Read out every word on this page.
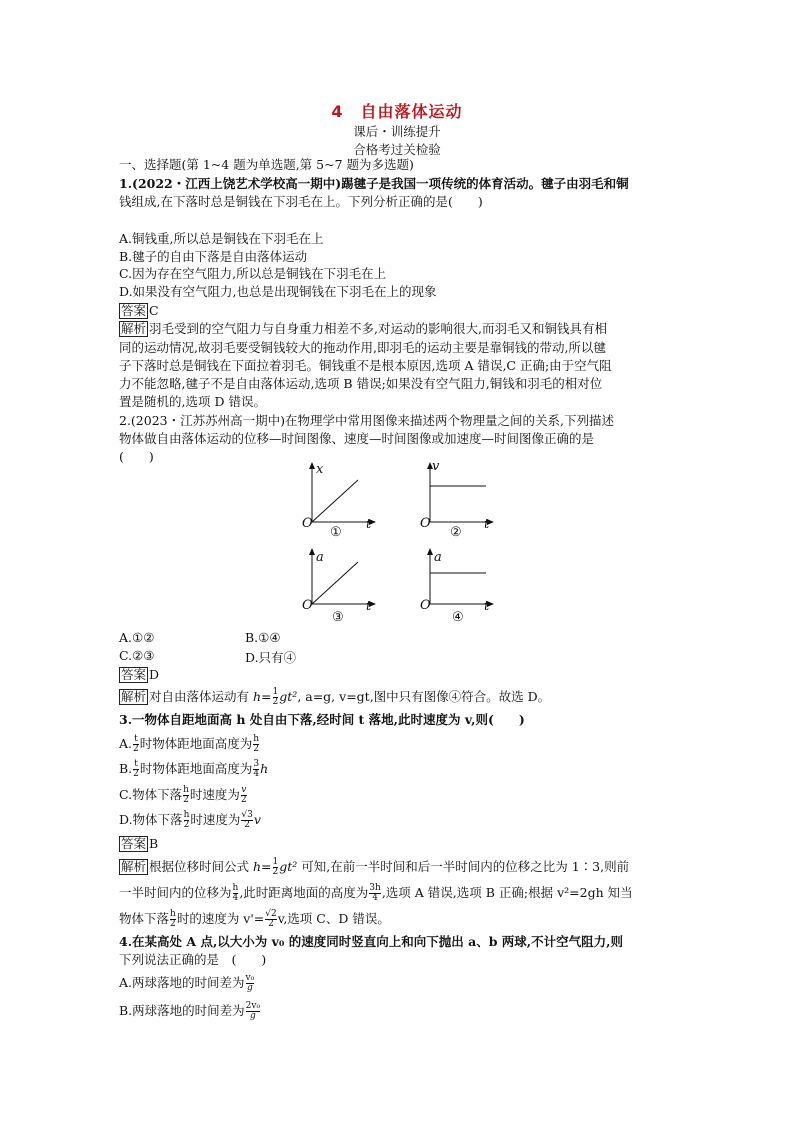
4　自由落体运动
课后・训练提升
合格考过关检验
一、选择题(第 1~4 题为单选题,第 5~7 题为多选题)
1.(2022・江西上饶艺术学校高一期中)踢毽子是我国一项传统的体育活动。毽子由羽毛和铜
钱组成,在下落时总是铜钱在下羽毛在上。下列分析正确的是(　　)
A.铜钱重,所以总是铜钱在下羽毛在上
B.毽子的自由下落是自由落体运动
C.因为存在空气阻力,所以总是铜钱在下羽毛在上
D.如果没有空气阻力,也总是出现铜钱在下羽毛在上的现象
答案 C
解析 羽毛受到的空气阻力与自身重力相差不多,对运动的影响很大,而羽毛又和铜钱具有相
同的运动情况,故羽毛要受铜钱较大的拖动作用,即羽毛的运动主要是靠铜钱的带动,所以毽
子下落时总是铜钱在下面拉着羽毛。铜钱重不是根本原因,选项 A 错误,C 正确;由于空气阻
力不能忽略,毽子不是自由落体运动,选项 B 错误;如果没有空气阻力,铜钱和羽毛的相对位
置是随机的,选项 D 错误。
2.(2023・江苏苏州高一期中)在物理学中常用图像来描述两个物理量之间的关系,下列描述
物体做自由落体运动的位移—时间图像、速度—时间图像或加速度—时间图像正确的是
(　　)
x
t
O
①
v
t
O
②
a
t
O
③
a
t
O
④
A.①②	B.①④
C.②③	D.只有④
答案 D
解析 对自由落体运动有 $h= \frac{1}{2} gt^2$, a=g, v=gt,图中只有图像④符合。故选 D。
3.一物体自距地面高 h 处自由下落,经时间 t 落地,此时速度为 v,则(　　)
A. $\frac{t}{2}$ 时物体距地面高度为 $\frac{h}{2}$
B. $\frac{t}{2}$ 时物体距地面高度为 $\frac{3}{4}$ h
C.物体下落 $\frac{h}{2}$ 时速度为 $\frac{v}{2}$
D.物体下落 $\frac{h}{2}$ 时速度为 $\frac{√3}{2}$ v
答案 B
解析 根据位移时间公式 $h= \frac{1}{2} gt^2$ 可知,在前一半时间和后一半时间内的位移之比为 1∶3,则前
一半时间内的位移为 $\frac{h}{4}$ ,此时距离地面的高度为 $\frac{3h}{4}$ ,选项 A 错误,选项 B 正确;根据 v²=2gh 知当
物体下落 $\frac{h}{2}$ 时的速度为 $v'= \frac{√2}{2} v$,选项 C、D 错误。
4.在某高处 A 点,以大小为 v₀ 的速度同时竖直向上和向下抛出 a、b 两球,不计空气阻力,则
下列说法正确的是　(　　)
A.两球落地的时间差为 $\frac{\text{v₀}}{g}$
B.两球落地的时间差为 $\frac{\text{2v₀}}{g}$
